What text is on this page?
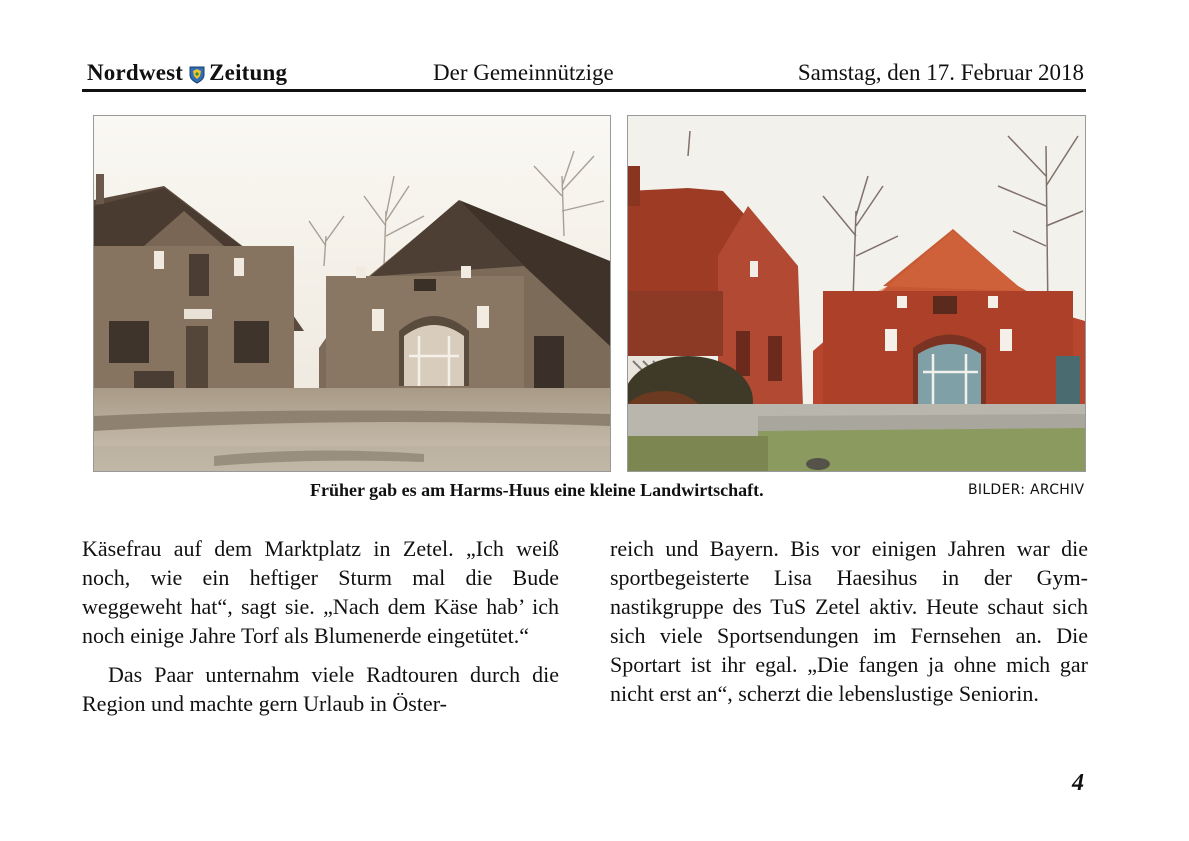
Nordwest Zeitung	Der Gemeinnützige	Samstag, den 17. Februar 2018
Früher gab es am Harms-Huus eine kleine Landwirtschaft.	BILDER: ARCHIV

Käsefrau auf dem Marktplatz in Zetel. „Ich weiß noch, wie ein heftiger Sturm mal die Bude weggeweht hat“, sagt sie. „Nach dem Käse hab’ ich noch einige Jahre Torf als Blumenerde eingetütet.“

Das Paar unternahm viele Radtouren durch die Region und machte gern Urlaub in Öster-

reich und Bayern. Bis vor einigen Jahren war die sportbegeisterte Lisa Haesihus in der Gym-nastikgruppe des TuS Zetel aktiv. Heute schaut sich sich viele Sportsendungen im Fernsehen an. Die Sportart ist ihr egal. „Die fangen ja ohne mich gar nicht erst an“, scherzt die lebenslustige Seniorin.

4
